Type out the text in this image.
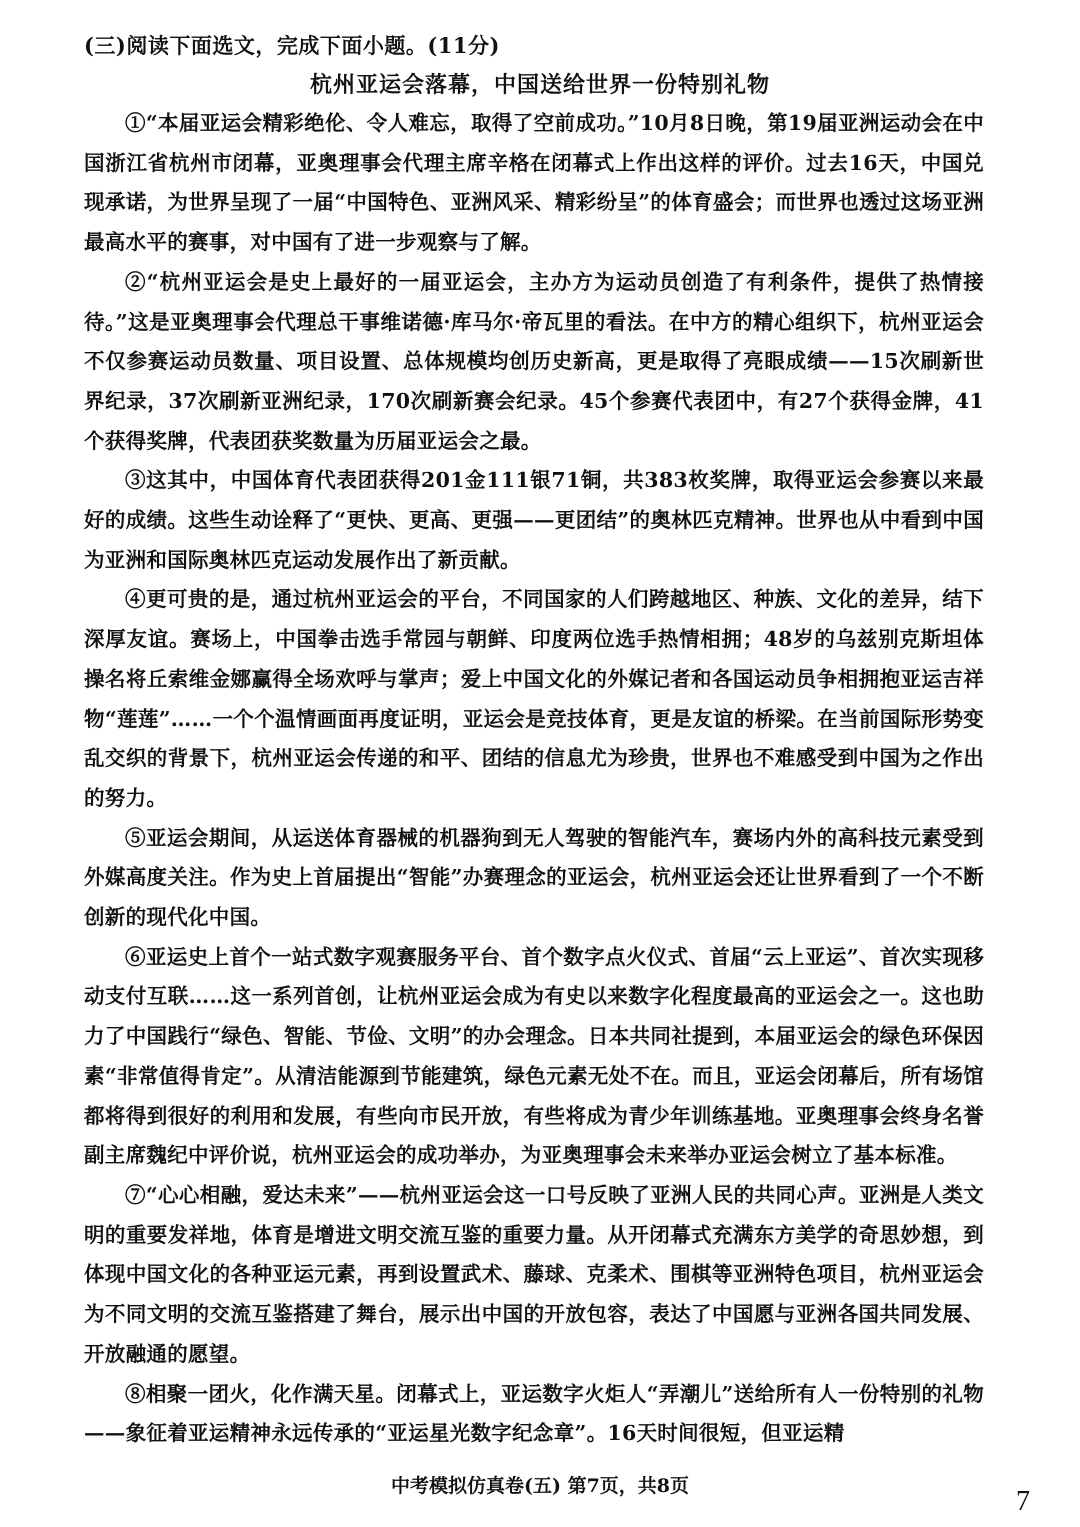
(三)阅读下面选文，完成下面小题。(11分)
杭州亚运会落幕，中国送给世界一份特别礼物

①“本届亚运会精彩绝伦、令人难忘，取得了空前成功。”10月8日晚，第19届亚洲运动会在中国浙江省杭州市闭幕，亚奥理事会代理主席辛格在闭幕式上作出这样的评价。过去16天，中国兑现承诺，为世界呈现了一届“中国特色、亚洲风采、精彩纷呈”的体育盛会；而世界也透过这场亚洲最高水平的赛事，对中国有了进一步观察与了解。

②“杭州亚运会是史上最好的一届亚运会，主办方为运动员创造了有利条件，提供了热情接待。”这是亚奥理事会代理总干事维诺德·库马尔·帝瓦里的看法。在中方的精心组织下，杭州亚运会不仅参赛运动员数量、项目设置、总体规模均创历史新高，更是取得了亮眼成绩——15次刷新世界纪录，37次刷新亚洲纪录，170次刷新赛会纪录。45个参赛代表团中，有27个获得金牌，41个获得奖牌，代表团获奖数量为历届亚运会之最。

③这其中，中国体育代表团获得201金111银71铜，共383枚奖牌，取得亚运会参赛以来最好的成绩。这些生动诠释了“更快、更高、更强——更团结”的奥林匹克精神。世界也从中看到中国为亚洲和国际奥林匹克运动发展作出了新贡献。

④更可贵的是，通过杭州亚运会的平台，不同国家的人们跨越地区、种族、文化的差异，结下深厚友谊。赛场上，中国拳击选手常园与朝鲜、印度两位选手热情相拥；48岁的乌兹别克斯坦体操名将丘索维金娜赢得全场欢呼与掌声；爱上中国文化的外媒记者和各国运动员争相拥抱亚运吉祥物“莲莲”……一个个温情画面再度证明，亚运会是竞技体育，更是友谊的桥梁。在当前国际形势变乱交织的背景下，杭州亚运会传递的和平、团结的信息尤为珍贵，世界也不难感受到中国为之作出的努力。

⑤亚运会期间，从运送体育器械的机器狗到无人驾驶的智能汽车，赛场内外的高科技元素受到外媒高度关注。作为史上首届提出“智能”办赛理念的亚运会，杭州亚运会还让世界看到了一个不断创新的现代化中国。

⑥亚运史上首个一站式数字观赛服务平台、首个数字点火仪式、首届“云上亚运”、首次实现移动支付互联……这一系列首创，让杭州亚运会成为有史以来数字化程度最高的亚运会之一。这也助力了中国践行“绿色、智能、节俭、文明”的办会理念。日本共同社提到，本届亚运会的绿色环保因素“非常值得肯定”。从清洁能源到节能建筑，绿色元素无处不在。而且，亚运会闭幕后，所有场馆都将得到很好的利用和发展，有些向市民开放，有些将成为青少年训练基地。亚奥理事会终身名誉副主席魏纪中评价说，杭州亚运会的成功举办，为亚奥理事会未来举办亚运会树立了基本标准。

⑦“心心相融，爱达未来”——杭州亚运会这一口号反映了亚洲人民的共同心声。亚洲是人类文明的重要发祥地，体育是增进文明交流互鉴的重要力量。从开闭幕式充满东方美学的奇思妙想，到体现中国文化的各种亚运元素，再到设置武术、藤球、克柔术、围棋等亚洲特色项目，杭州亚运会为不同文明的交流互鉴搭建了舞台，展示出中国的开放包容，表达了中国愿与亚洲各国共同发展、开放融通的愿望。

⑧相聚一团火，化作满天星。闭幕式上，亚运数字火炬人“弄潮儿”送给所有人一份特别的礼物——象征着亚运精神永远传承的“亚运星光数字纪念章”。16天时间很短，但亚运精

中考模拟仿真卷(五) 第7页，共8页	7
